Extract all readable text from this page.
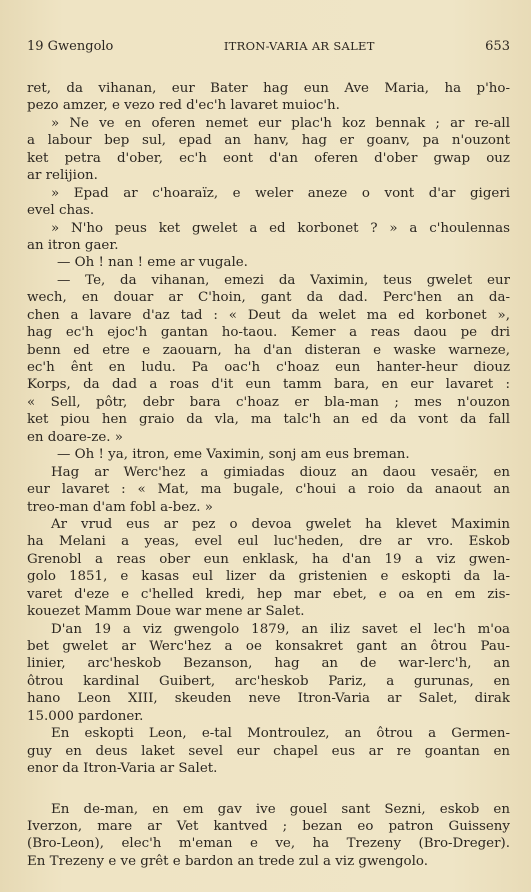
19 Gwengolo	ITRON-VARIA AR SALET	653
ret, da vihanan, eur Bater hag eun Ave Maria, ha p'ho-
pezo amzer, e vezo red d'ec'h lavaret muioc'h.
» Ne ve en oferen nemet eur plac'h koz bennak ; ar re-all
a labour bep sul, epad an hanv, hag er goanv, pa n'ouzont
ket petra d'ober, ec'h eont d'an oferen d'ober gwap ouz
ar relijion.
» Epad ar c'hoaraïz, e weler aneze o vont d'ar gigeri
evel chas.
» N'ho peus ket gwelet a ed korbonet ? » a c'houlennas
an itron gaer.
— Oh ! nan ! eme ar vugale.
— Te, da vihanan, emezi da Vaximin, teus gwelet eur
wech, en douar ar C'hoin, gant da dad. Perc'hen an da-
chen a lavare d'az tad : « Deut da welet ma ed korbonet »,
hag ec'h ejoc'h gantan ho-taou. Kemer a reas daou pe dri
benn ed etre e zaouarn, ha d'an disteran e waske warneze,
ec'h ênt en ludu. Pa oac'h c'hoaz eun hanter-heur diouz
Korps, da dad a roas d'it eun tamm bara, en eur lavaret :
« Sell, pôtr, debr bara c'hoaz er bla-man ; mes n'ouzon
ket piou hen graio da vla, ma talc'h an ed da vont da fall
en doare-ze. »
— Oh ! ya, itron, eme Vaximin, sonj am eus breman.
Hag ar Werc'hez a gimiadas diouz an daou vesaër, en
eur lavaret : « Mat, ma bugale, c'houi a roio da anaout an
treo-man d'am fobl a-bez. »
Ar vrud eus ar pez o devoa gwelet ha klevet Maximin
ha Melani a yeas, evel eul luc'heden, dre ar vro. Eskob
Grenobl a reas ober eun enklask, ha d'an 19 a viz gwen-
golo 1851, e kasas eul lizer da gristenien e eskopti da la-
varet d'eze e c'helled kredi, hep mar ebet, e oa en em zis-
kouezet Mamm Doue war mene ar Salet.
D'an 19 a viz gwengolo 1879, an iliz savet el lec'h m'oa
bet gwelet ar Werc'hez a oe konsakret gant an ôtrou Pau-
linier, arc'heskob Bezanson, hag an de war-lerc'h, an
ôtrou kardinal Guibert, arc'heskob Pariz, a gurunas, en
hano Leon XIII, skeuden neve Itron-Varia ar Salet, dirak
15.000 pardoner.
En eskopti Leon, e-tal Montroulez, an ôtrou a Germen-
guy en deus laket sevel eur chapel eus ar re goantan en
enor da Itron-Varia ar Salet.
En de-man, en em gav ive gouel sant Sezni, eskob en
Iverzon, mare ar Vet kantved ; bezan eo patron Guisseny
(Bro-Leon), elec'h m'eman e ve, ha Trezeny (Bro-Dreger).
En Trezeny e ve grêt e bardon an trede zul a viz gwengolo.
